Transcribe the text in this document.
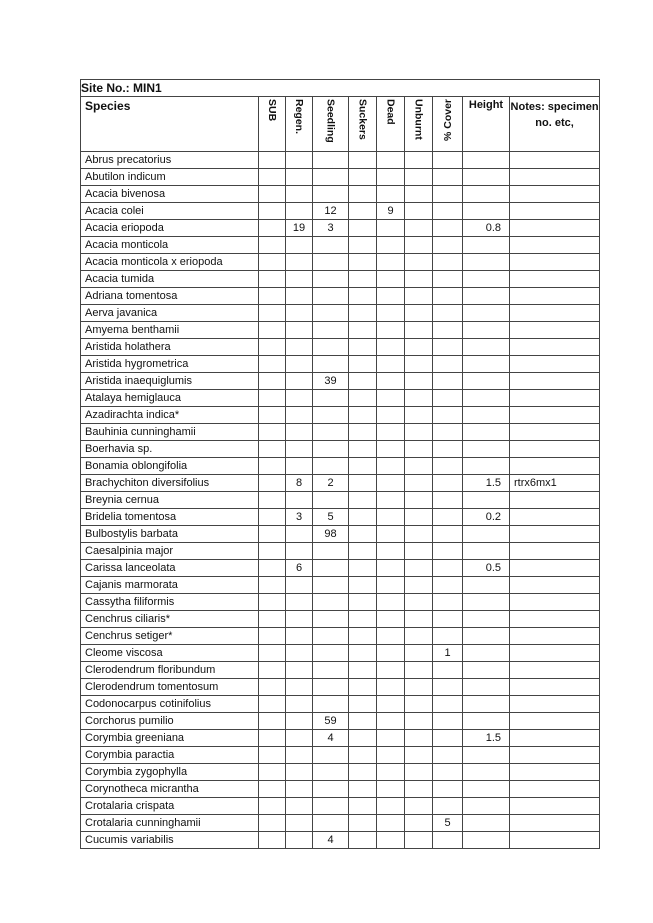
Site No.: MIN1									
Species	SUB	Regen.	Seedling	Suckers	Dead	Unburnt	% Cover	Height	Notes: specimen no. etc,
Abrus precatorius									
Abutilon indicum									
Acacia bivenosa									
Acacia colei			12		9				
Acacia eriopoda		19	3					0.8	
Acacia monticola									
Acacia monticola x eriopoda									
Acacia tumida									
Adriana tomentosa									
Aerva javanica									
Amyema benthamii									
Aristida holathera									
Aristida hygrometrica									
Aristida inaequiglumis			39						
Atalaya hemiglauca									
Azadirachta indica*									
Bauhinia cunninghamii									
Boerhavia sp.									
Bonamia oblongifolia									
Brachychiton diversifolius		8	2					1.5	rtrx6mx1
Breynia cernua									
Bridelia tomentosa		3	5					0.2	
Bulbostylis barbata			98						
Caesalpinia major									
Carissa lanceolata		6						0.5	
Cajanis marmorata									
Cassytha filiformis									
Cenchrus ciliaris*									
Cenchrus setiger*									
Cleome viscosa							1		
Clerodendrum floribundum									
Clerodendrum tomentosum									
Codonocarpus cotinifolius									
Corchorus pumilio			59						
Corymbia greeniana			4					1.5	
Corymbia paractia									
Corymbia zygophylla									
Corynotheca micrantha									
Crotalaria crispata									
Crotalaria cunninghamii							5		
Cucumis variabilis			4						
